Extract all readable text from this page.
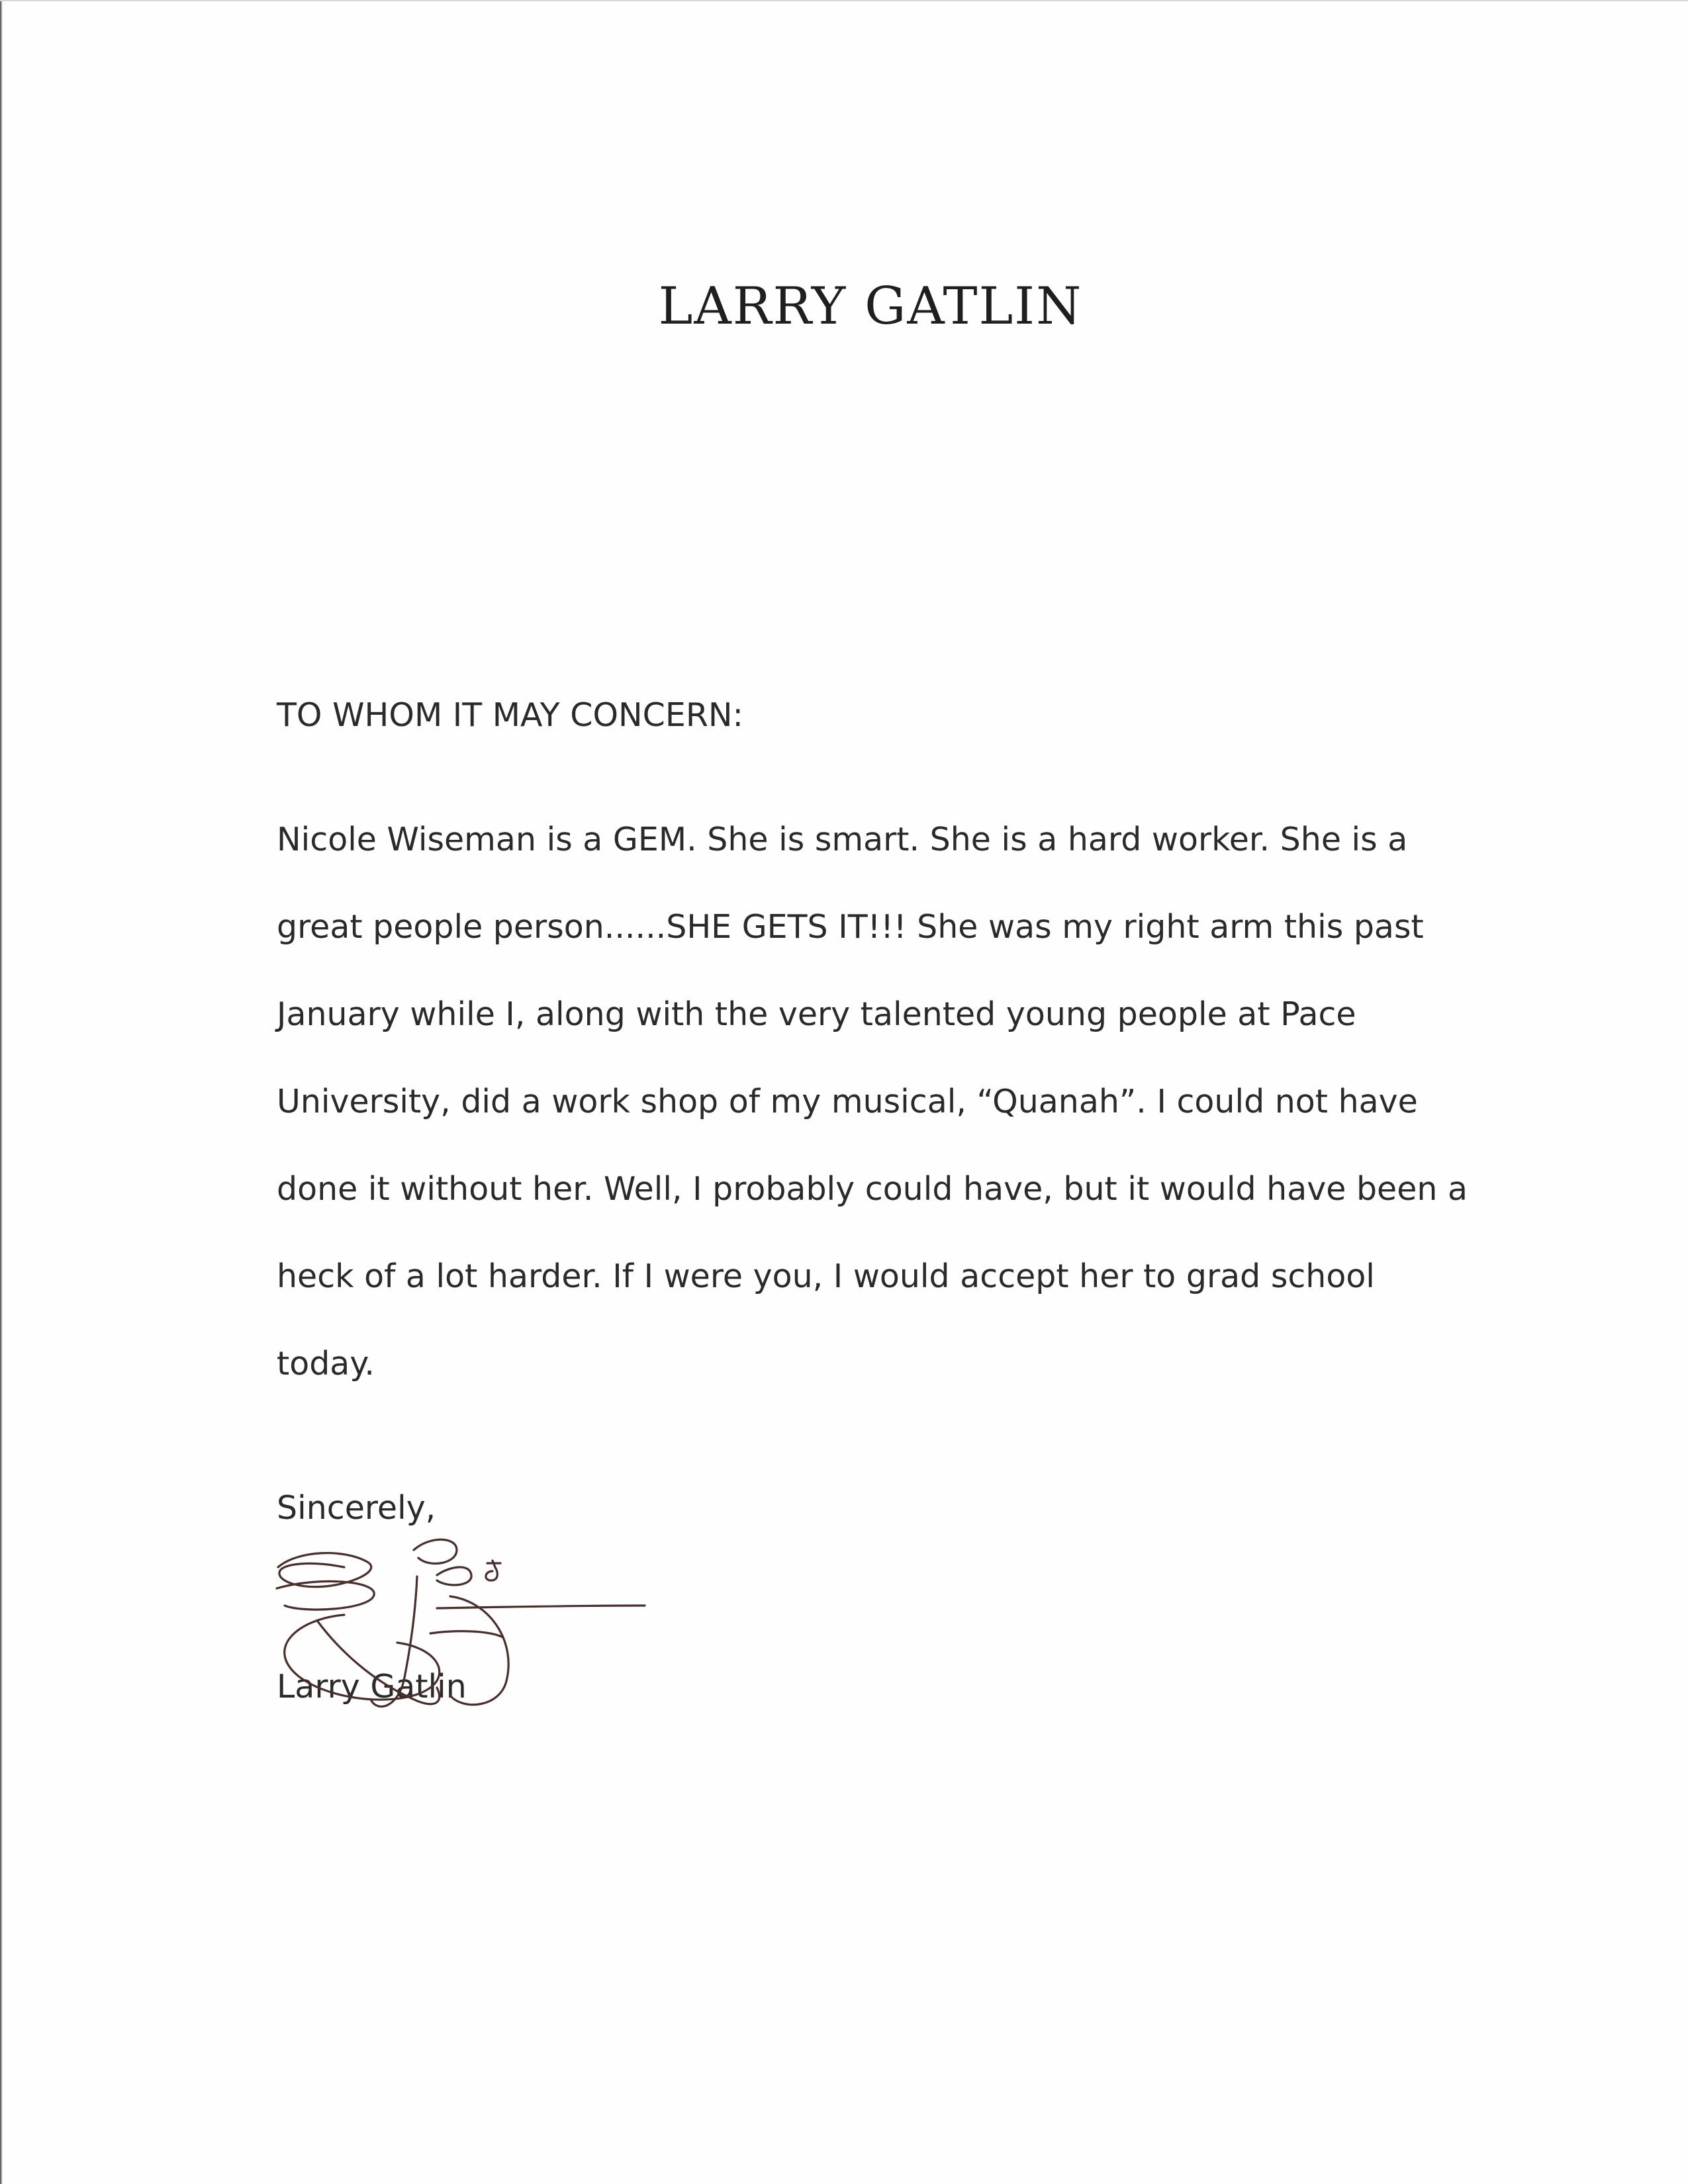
LARRY GATLIN

TO WHOM IT MAY CONCERN:

Nicole Wiseman is a GEM. She is smart. She is a hard worker. She is a

great people person......SHE GETS IT!!! She was my right arm this past

January while I, along with the very talented young people at Pace

University, did a work shop of my musical, “Quanah”. I could not have

done it without her. Well, I probably could have, but it would have been a

heck of a lot harder. If I were you, I would accept her to grad school

today.

Sincerely,

Larry Gatlin
